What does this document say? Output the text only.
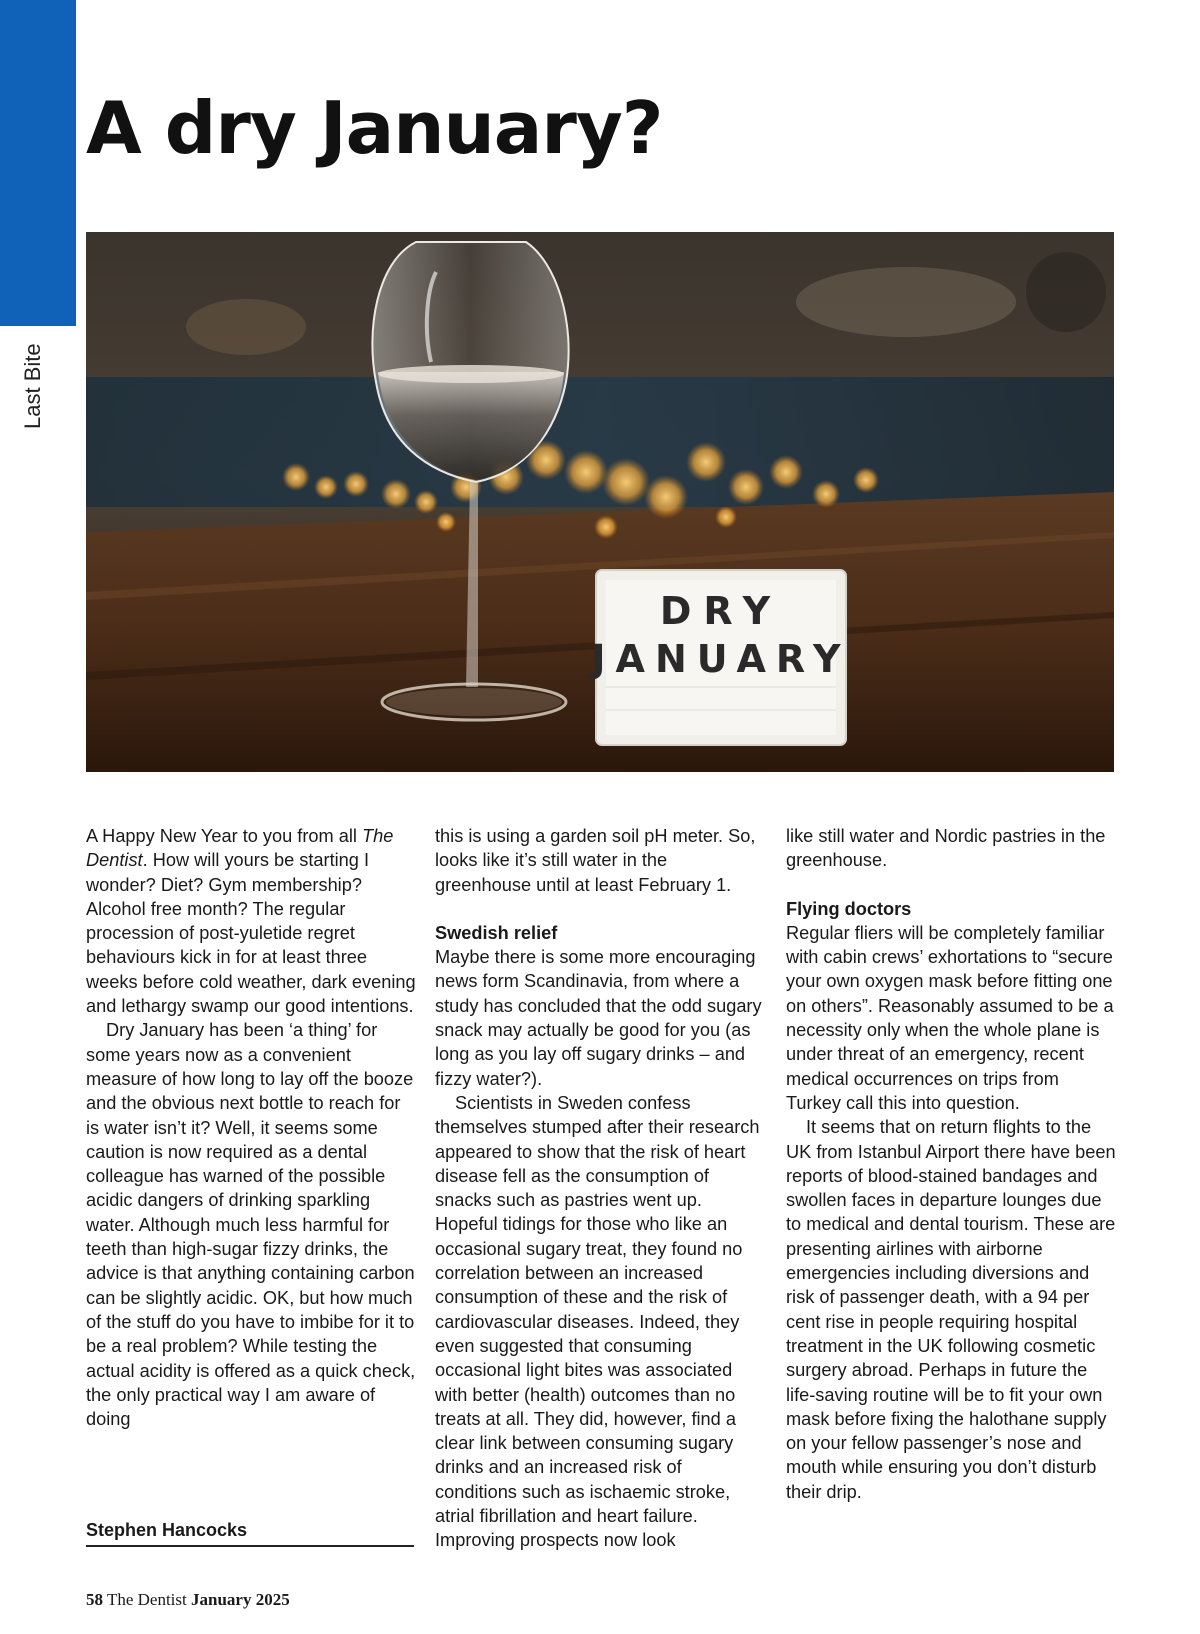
Last Bite
A dry January?
DRY
JANUARY

A Happy New Year to you from all The Dentist. How will yours be starting I wonder? Diet? Gym membership? Alcohol free month? The regular procession of post-yuletide regret behaviours kick in for at least three weeks before cold weather, dark evening and lethargy swamp our good intentions.

Dry January has been ‘a thing’ for some years now as a convenient measure of how long to lay off the booze and the obvious next bottle to reach for is water isn’t it? Well, it seems some caution is now required as a dental colleague has warned of the possible acidic dangers of drinking sparkling water. Although much less harmful for teeth than high-sugar fizzy drinks, the advice is that anything containing carbon can be slightly acidic. OK, but how much of the stuff do you have to imbibe for it to be a real problem? While testing the actual acidity is offered as a quick check, the only practical way I am aware of doing

this is using a garden soil pH meter. So, looks like it’s still water in the greenhouse until at least February 1.

Swedish relief

Maybe there is some more encouraging news form Scandinavia, from where a study has concluded that the odd sugary snack may actually be good for you (as long as you lay off sugary drinks – and fizzy water?).

Scientists in Sweden confess themselves stumped after their research appeared to show that the risk of heart disease fell as the consumption of snacks such as pastries went up. Hopeful tidings for those who like an occasional sugary treat, they found no correlation between an increased consumption of these and the risk of cardiovascular diseases. Indeed, they even suggested that consuming occasional light bites was associated with better (health) outcomes than no treats at all. They did, however, find a clear link between consuming sugary drinks and an increased risk of conditions such as ischaemic stroke, atrial fibrillation and heart failure. Improving prospects now look

like still water and Nordic pastries in the greenhouse.

Flying doctors

Regular fliers will be completely familiar with cabin crews’ exhortations to “secure your own oxygen mask before fitting one on others”. Reasonably assumed to be a necessity only when the whole plane is under threat of an emergency, recent medical occurrences on trips from Turkey call this into question.

It seems that on return flights to the UK from Istanbul Airport there have been reports of blood-stained bandages and swollen faces in departure lounges due to medical and dental tourism. These are presenting airlines with airborne emergencies including diversions and risk of passenger death, with a 94 per cent rise in people requiring hospital treatment in the UK following cosmetic surgery abroad. Perhaps in future the life-saving routine will be to fit your own mask before fixing the halothane supply on your fellow passenger’s nose and mouth while ensuring you don’t disturb their drip.

Stephen Hancocks
58 The Dentist January 2025
